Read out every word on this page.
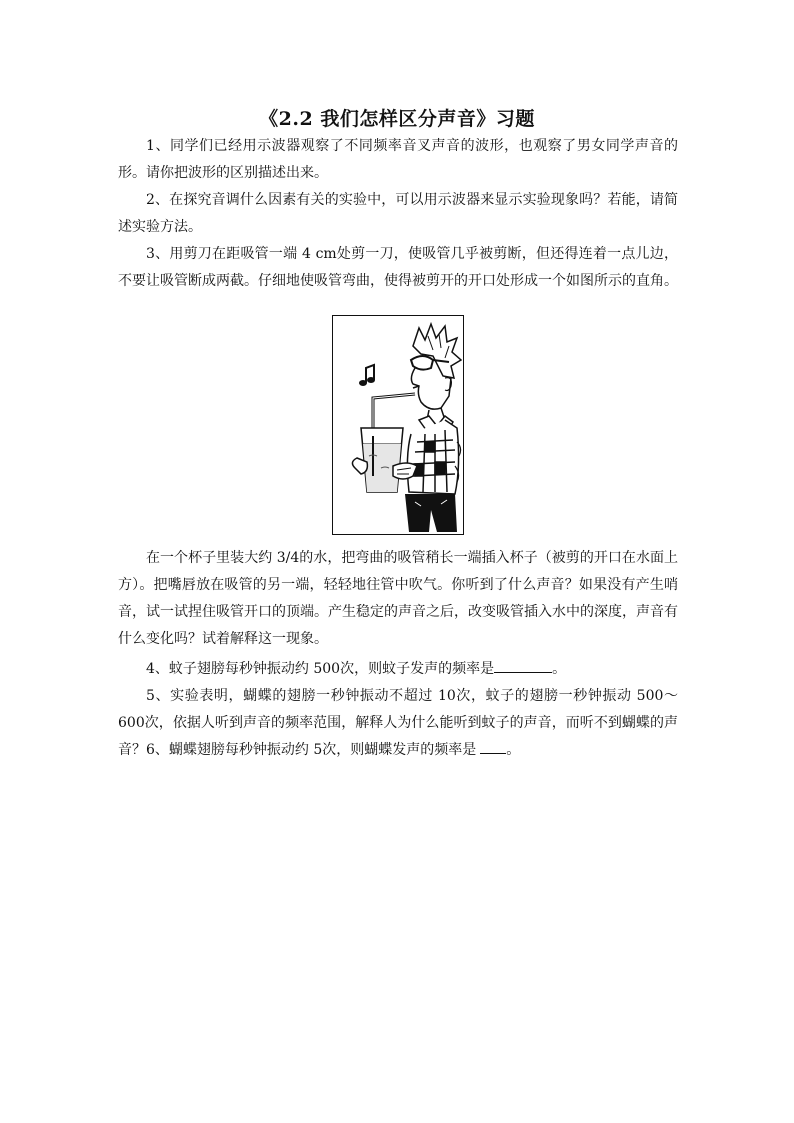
《2.2 我们怎样区分声音》习题

1、同学们已经用示波器观察了不同频率音叉声音的波形，也观察了男女同学声音的形。请你把波形的区别描述出来。

2、在探究音调什么因素有关的实验中，可以用示波器来显示实验现象吗？若能，请简述实验方法。

3、用剪刀在距吸管一端 4 cm处剪一刀，使吸管几乎被剪断，但还得连着一点儿边，不要让吸管断成两截。仔细地使吸管弯曲，使得被剪开的开口处形成一个如图所示的直角。

在一个杯子里装大约 3/4的水，把弯曲的吸管稍长一端插入杯子（被剪的开口在水面上方）。把嘴唇放在吸管的另一端，轻轻地往管中吹气。你听到了什么声音？如果没有产生哨音，试一试捏住吸管开口的顶端。产生稳定的声音之后，改变吸管插入水中的深度，声音有什么变化吗？试着解释这一现象。

4、蚊子翅膀每秒钟振动约 500次，则蚊子发声的频率是	。

5、实验表明，蝴蝶的翅膀一秒钟振动不超过 10次，蚊子的翅膀一秒钟振动 500～600次，依据人听到声音的频率范围，解释人为什么能听到蚊子的声音，而听不到蝴蝶的声音？ 6、蝴蝶翅膀每秒钟振动约 5次，则蝴蝶发声的频率是 。
